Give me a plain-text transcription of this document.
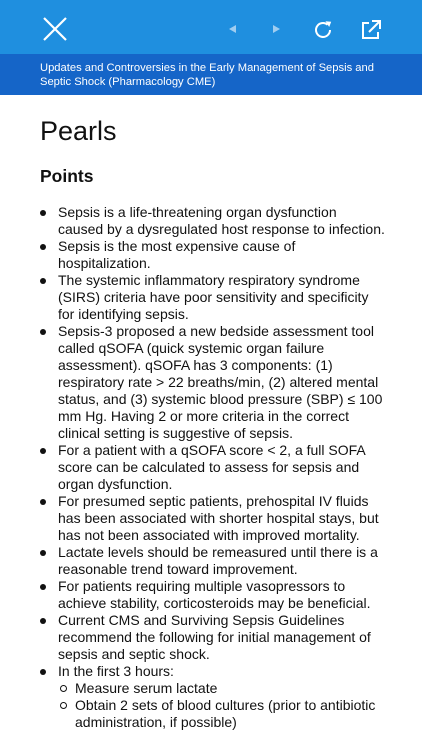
Updates and Controversies in the Early Management of Sepsis and
Septic Shock (Pharmacology CME)
Pearls
Points
Sepsis is a life-threatening organ dysfunction caused by a dysregulated host response to infection.
Sepsis is the most expensive cause of hospitalization.
The systemic inflammatory respiratory syndrome (SIRS) criteria have poor sensitivity and specificity for identifying sepsis.
Sepsis-3 proposed a new bedside assessment tool called qSOFA (quick systemic organ failure assessment). qSOFA has 3 components: (1) respiratory rate > 22 breaths/min, (2) altered mental status, and (3) systemic blood pressure (SBP) ≤ 100 mm Hg. Having 2 or more criteria in the correct clinical setting is suggestive of sepsis.
For a patient with a qSOFA score < 2, a full SOFA score can be calculated to assess for sepsis and organ dysfunction.
For presumed septic patients, prehospital IV fluids has been associated with shorter hospital stays, but has not been associated with improved mortality.
Lactate levels should be remeasured until there is a reasonable trend toward improvement.
For patients requiring multiple vasopressors to achieve stability, corticosteroids may be beneficial.
Current CMS and Surviving Sepsis Guidelines recommend the following for initial management of sepsis and septic shock.
In the first 3 hours:
Measure serum lactate
Obtain 2 sets of blood cultures (prior to antibiotic administration, if possible)
